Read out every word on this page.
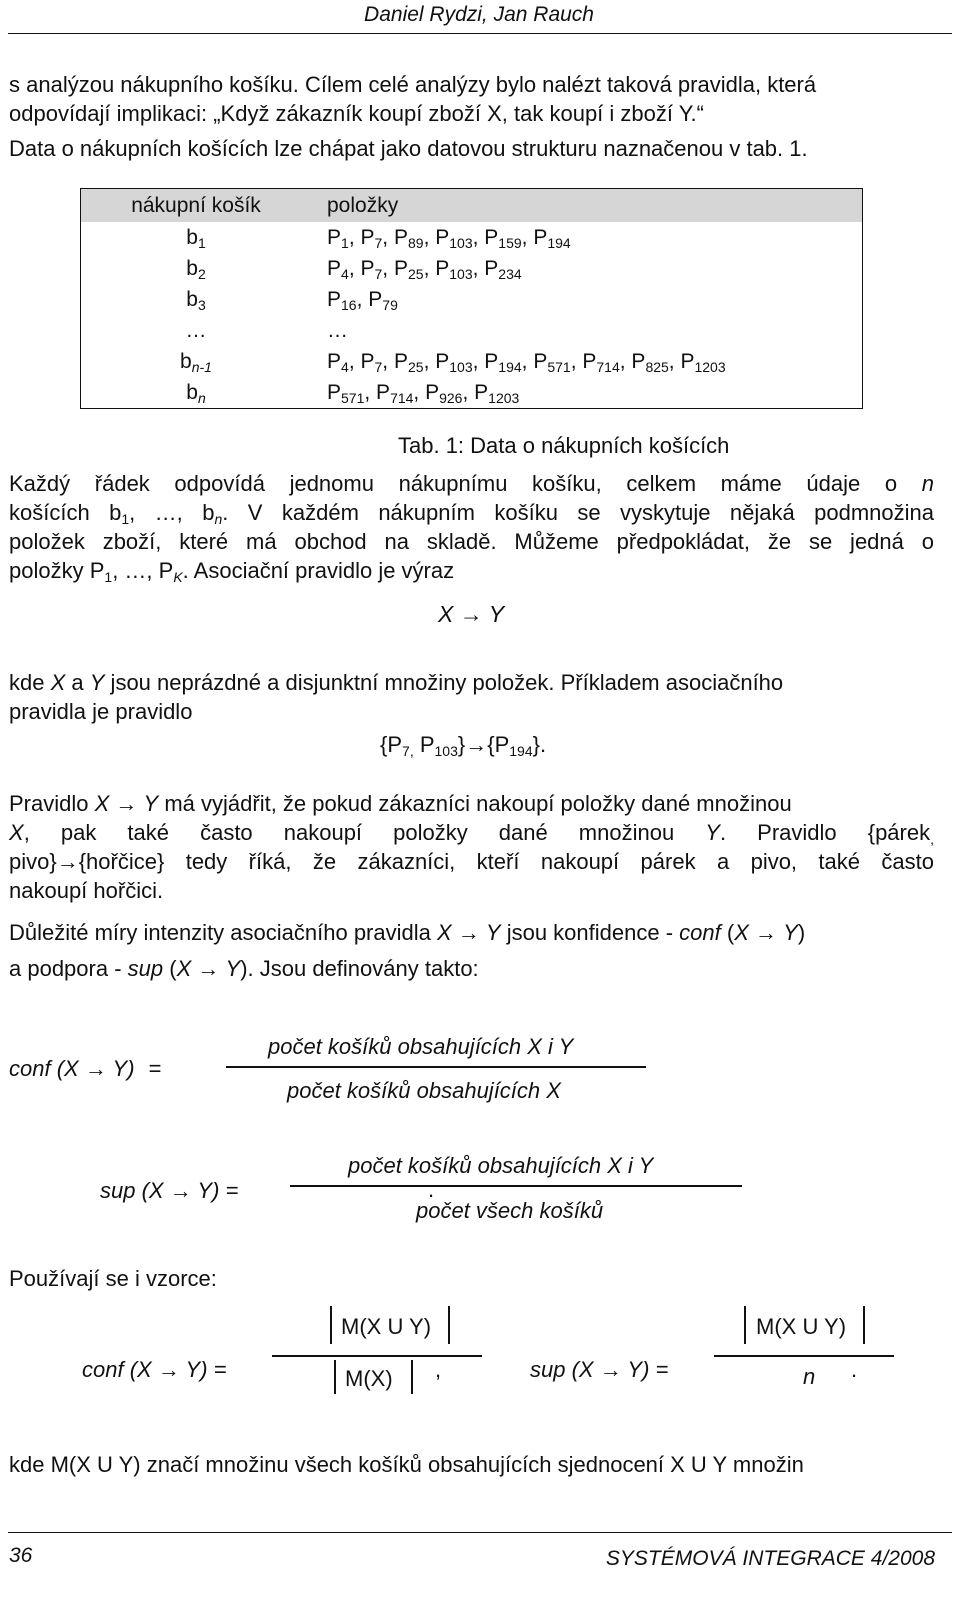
Daniel Rydzi, Jan Rauch
s analýzou nákupního košíku. Cílem celé analýzy bylo nalézt taková pravidla, která
odpovídají implikaci: „Když zákazník koupí zboží X, tak koupí i zboží Y.“
Data o nákupních košících lze chápat jako datovou strukturu naznačenou v tab. 1.
nákupní košík	položky
$b_1$	$P_1$, $P_7$, $P_{89}$, $P_{103}$, $P_{159}$, $P_{194}$
$b_2$	$P_4$, $P_7$, $P_{25}$, $P_{103}$, $P_{234}$
$b_3$	$P_{16}$, $P_{79}$
…	…
$b_{n-1}$	$P_4$, $P_7$, $P_{25}$, $P_{103}$, $P_{194}$, $P_{571}$, $P_{714}$, $P_{825}$, $P_{1203}$
$b_n$	$P_{571}$, $P_{714}$, $P_{926}$, $P_{1203}$
Tab. 1: Data o nákupních košících
Každý řádek odpovídá jednomu nákupnímu košíku, celkem máme údaje o n
košících $b_1$, …, $b_n$. V každém nákupním košíku se vyskytuje nějaká podmnožina
položek zboží, které má obchod na skladě. Můžeme předpokládat, že se jedná o
položky $P_1$, …, $P_K$. Asociační pravidlo je výraz
X → Y
kde X a Y jsou neprázdné a disjunktní množiny položek. Příkladem asociačního
pravidla je pravidlo
{$P_{7,}$ $P_{103}\}\to\{P_{194}\}$.
Pravidlo X → Y má vyjádřit, že pokud zákazníci nakoupí položky dané množinou
X, pak také často nakoupí položky dané množinou Y. Pravidlo {párek$_,$
pivo}→{hořčice} tedy říká, že zákazníci, kteří nakoupí párek a pivo, také často
nakoupí hořčici.
Důležité míry intenzity asociačního pravidla X → Y jsou konfidence - conf (X → Y)
a podpora - sup (X → Y). Jsou definovány takto:
conf (X → Y) =
počet košíků obsahujících X i Y
počet košíků obsahujících X
sup (X → Y) =
počet košíků obsahujících X i Y
.
počet všech košíků
Používají se i vzorce:
conf (X → Y) =
M(X U Y)
M(X) ,	sup (X → Y) =
M(X U Y)
n .
kde M(X U Y) značí množinu všech košíků obsahujících sjednocení X U Y množin
36	SYSTÉMOVÁ INTEGRACE 4/2008
